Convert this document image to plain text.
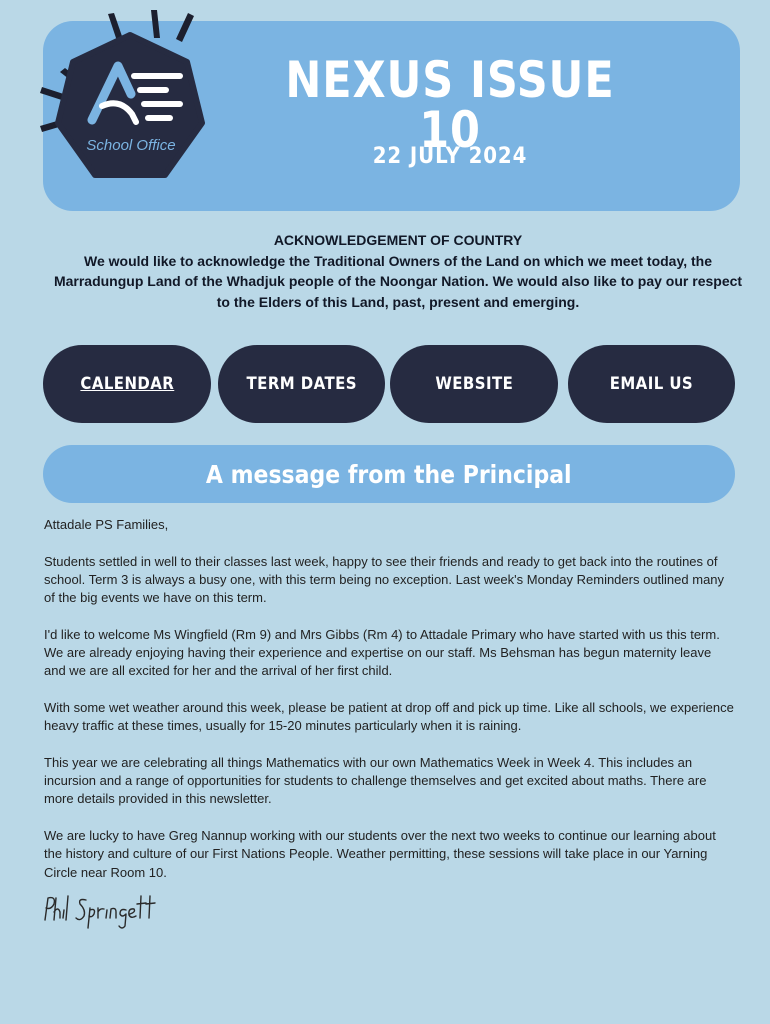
School Office
NEXUS ISSUE 10
22 JULY 2024
ACKNOWLEDGEMENT OF COUNTRY
We would like to acknowledge the Traditional Owners of the Land on which we meet today, the Marradungup Land of the Whadjuk people of the Noongar Nation. We would also like to pay our respect to the Elders of this Land, past, present and emerging.
CALENDAR	TERM DATES	WEBSITE	EMAIL US
A message from the Principal

Attadale PS Families,

Students settled in well to their classes last week, happy to see their friends and ready to get back into the routines of school. Term 3 is always a busy one, with this term being no exception. Last week's Monday Reminders outlined many of the big events we have on this term.

I'd like to welcome Ms Wingfield (Rm 9) and Mrs Gibbs (Rm 4) to Attadale Primary who have started with us this term. We are already enjoying having their experience and expertise on our staff. Ms Behsman has begun maternity leave and we are all excited for her and the arrival of her first child.

With some wet weather around this week, please be patient at drop off and pick up time. Like all schools, we experience heavy traffic at these times, usually for 15-20 minutes particularly when it is raining.

This year we are celebrating all things Mathematics with our own Mathematics Week in Week 4. This includes an incursion and a range of opportunities for students to challenge themselves and get excited about maths. There are more details provided in this newsletter.

We are lucky to have Greg Nannup working with our students over the next two weeks to continue our learning about the history and culture of our First Nations People. Weather permitting, these sessions will take place in our Yarning Circle near Room 10.
